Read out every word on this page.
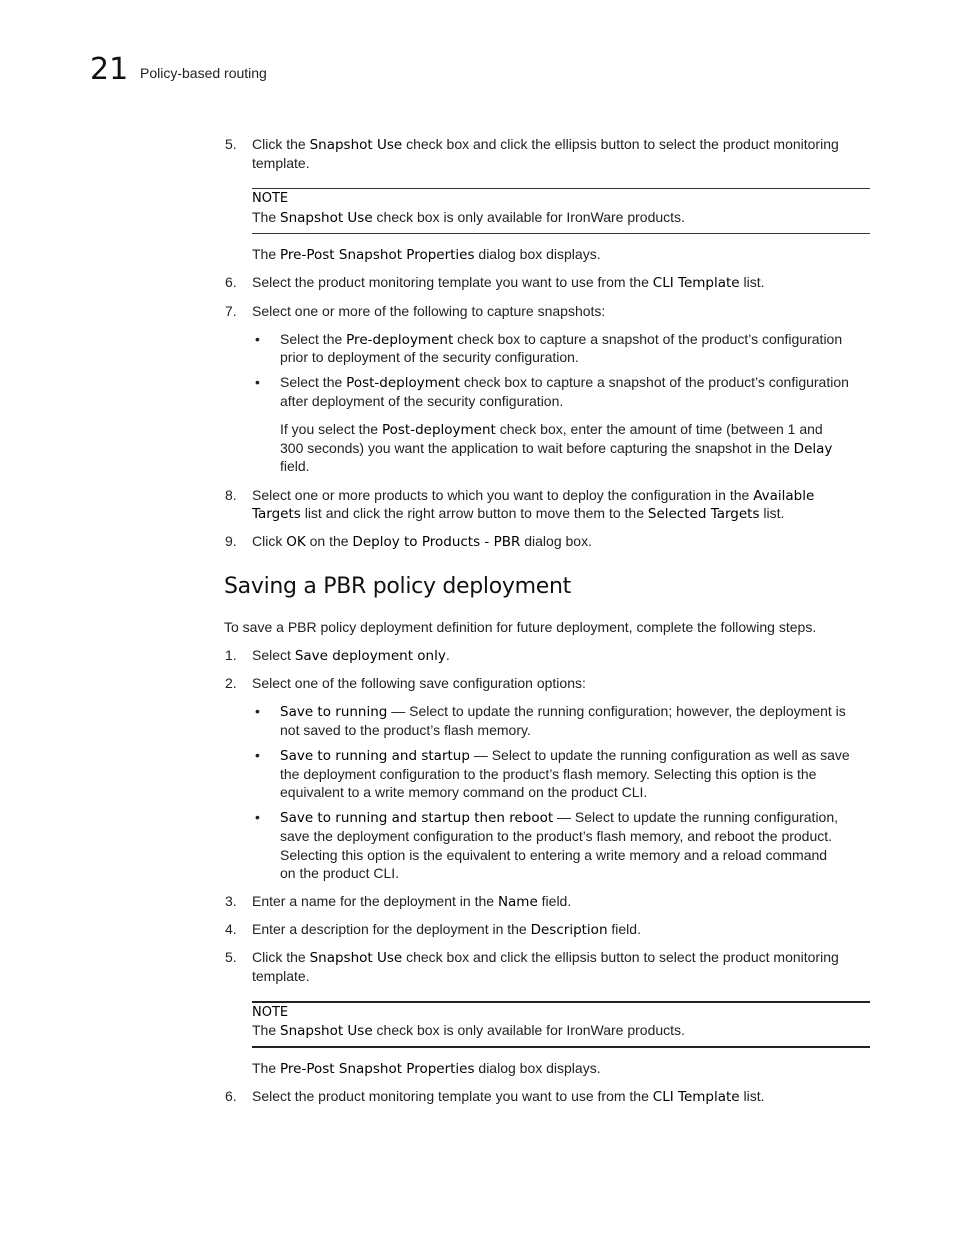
21 Policy-based routing
5. Click the Snapshot Use check box and click the ellipsis button to select the product monitoring
template.
NOTE
The Snapshot Use check box is only available for IronWare products.
The Pre-Post Snapshot Properties dialog box displays.
6. Select the product monitoring template you want to use from the CLI Template list.
7. Select one or more of the following to capture snapshots:
• Select the Pre-deployment check box to capture a snapshot of the product’s configuration
prior to deployment of the security configuration.
• Select the Post-deployment check box to capture a snapshot of the product’s configuration
after deployment of the security configuration.
If you select the Post-deployment check box, enter the amount of time (between 1 and
300 seconds) you want the application to wait before capturing the snapshot in the Delay
field.
8. Select one or more products to which you want to deploy the configuration in the Available
Targets list and click the right arrow button to move them to the Selected Targets list.
9. Click OK on the Deploy to Products - PBR dialog box.
Saving a PBR policy deployment
To save a PBR policy deployment definition for future deployment, complete the following steps.
1. Select Save deployment only.
2. Select one of the following save configuration options:
• Save to running — Select to update the running configuration; however, the deployment is
not saved to the product’s flash memory.
• Save to running and startup — Select to update the running configuration as well as save
the deployment configuration to the product’s flash memory. Selecting this option is the
equivalent to a write memory command on the product CLI.
• Save to running and startup then reboot — Select to update the running configuration,
save the deployment configuration to the product’s flash memory, and reboot the product.
Selecting this option is the equivalent to entering a write memory and a reload command
on the product CLI.
3. Enter a name for the deployment in the Name field.
4. Enter a description for the deployment in the Description field.
5. Click the Snapshot Use check box and click the ellipsis button to select the product monitoring
template.
NOTE
The Snapshot Use check box is only available for IronWare products.
The Pre-Post Snapshot Properties dialog box displays.
6. Select the product monitoring template you want to use from the CLI Template list.
